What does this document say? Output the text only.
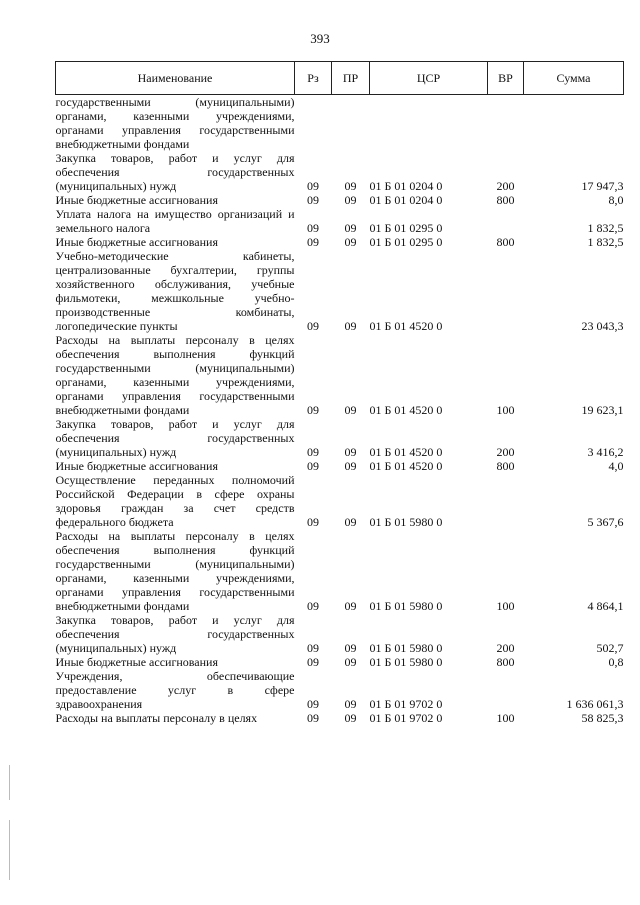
393
Наименование	Рз	ПР	ЦСР	ВР	Сумма
государственными (муниципальными) органами, казенными учреждениями, органами управления государственными внебюджетными фондами					
Закупка товаров, работ и услуг для обеспечения государственных (муниципальных) нужд	09	09	01 Б 01 0204 0	200	17 947,3
Иные бюджетные ассигнования	09	09	01 Б 01 0204 0	800	8,0
Уплата налога на имущество организаций и земельного налога	09	09	01 Б 01 0295 0		1 832,5
Иные бюджетные ассигнования	09	09	01 Б 01 0295 0	800	1 832,5
Учебно-методические кабинеты, централизованные бухгалтерии, группы хозяйственного обслуживания, учебные фильмотеки, межшкольные учебно-производственные комбинаты, логопедические пункты	09	09	01 Б 01 4520 0		23 043,3
Расходы на выплаты персоналу в целях обеспечения выполнения функций государственными (муниципальными) органами, казенными учреждениями, органами управления государственными внебюджетными фондами	09	09	01 Б 01 4520 0	100	19 623,1
Закупка товаров, работ и услуг для обеспечения государственных (муниципальных) нужд	09	09	01 Б 01 4520 0	200	3 416,2
Иные бюджетные ассигнования	09	09	01 Б 01 4520 0	800	4,0
Осуществление переданных полномочий Российской Федерации в сфере охраны здоровья граждан за счет средств федерального бюджета	09	09	01 Б 01 5980 0		5 367,6
Расходы на выплаты персоналу в целях обеспечения выполнения функций государственными (муниципальными) органами, казенными учреждениями, органами управления государственными внебюджетными фондами	09	09	01 Б 01 5980 0	100	4 864,1
Закупка товаров, работ и услуг для обеспечения государственных (муниципальных) нужд	09	09	01 Б 01 5980 0	200	502,7
Иные бюджетные ассигнования	09	09	01 Б 01 5980 0	800	0,8
Учреждения, обеспечивающие предоставление услуг в сфере здравоохранения	09	09	01 Б 01 9702 0		1 636 061,3
Расходы на выплаты персоналу в целях	09	09	01 Б 01 9702 0	100	58 825,3
